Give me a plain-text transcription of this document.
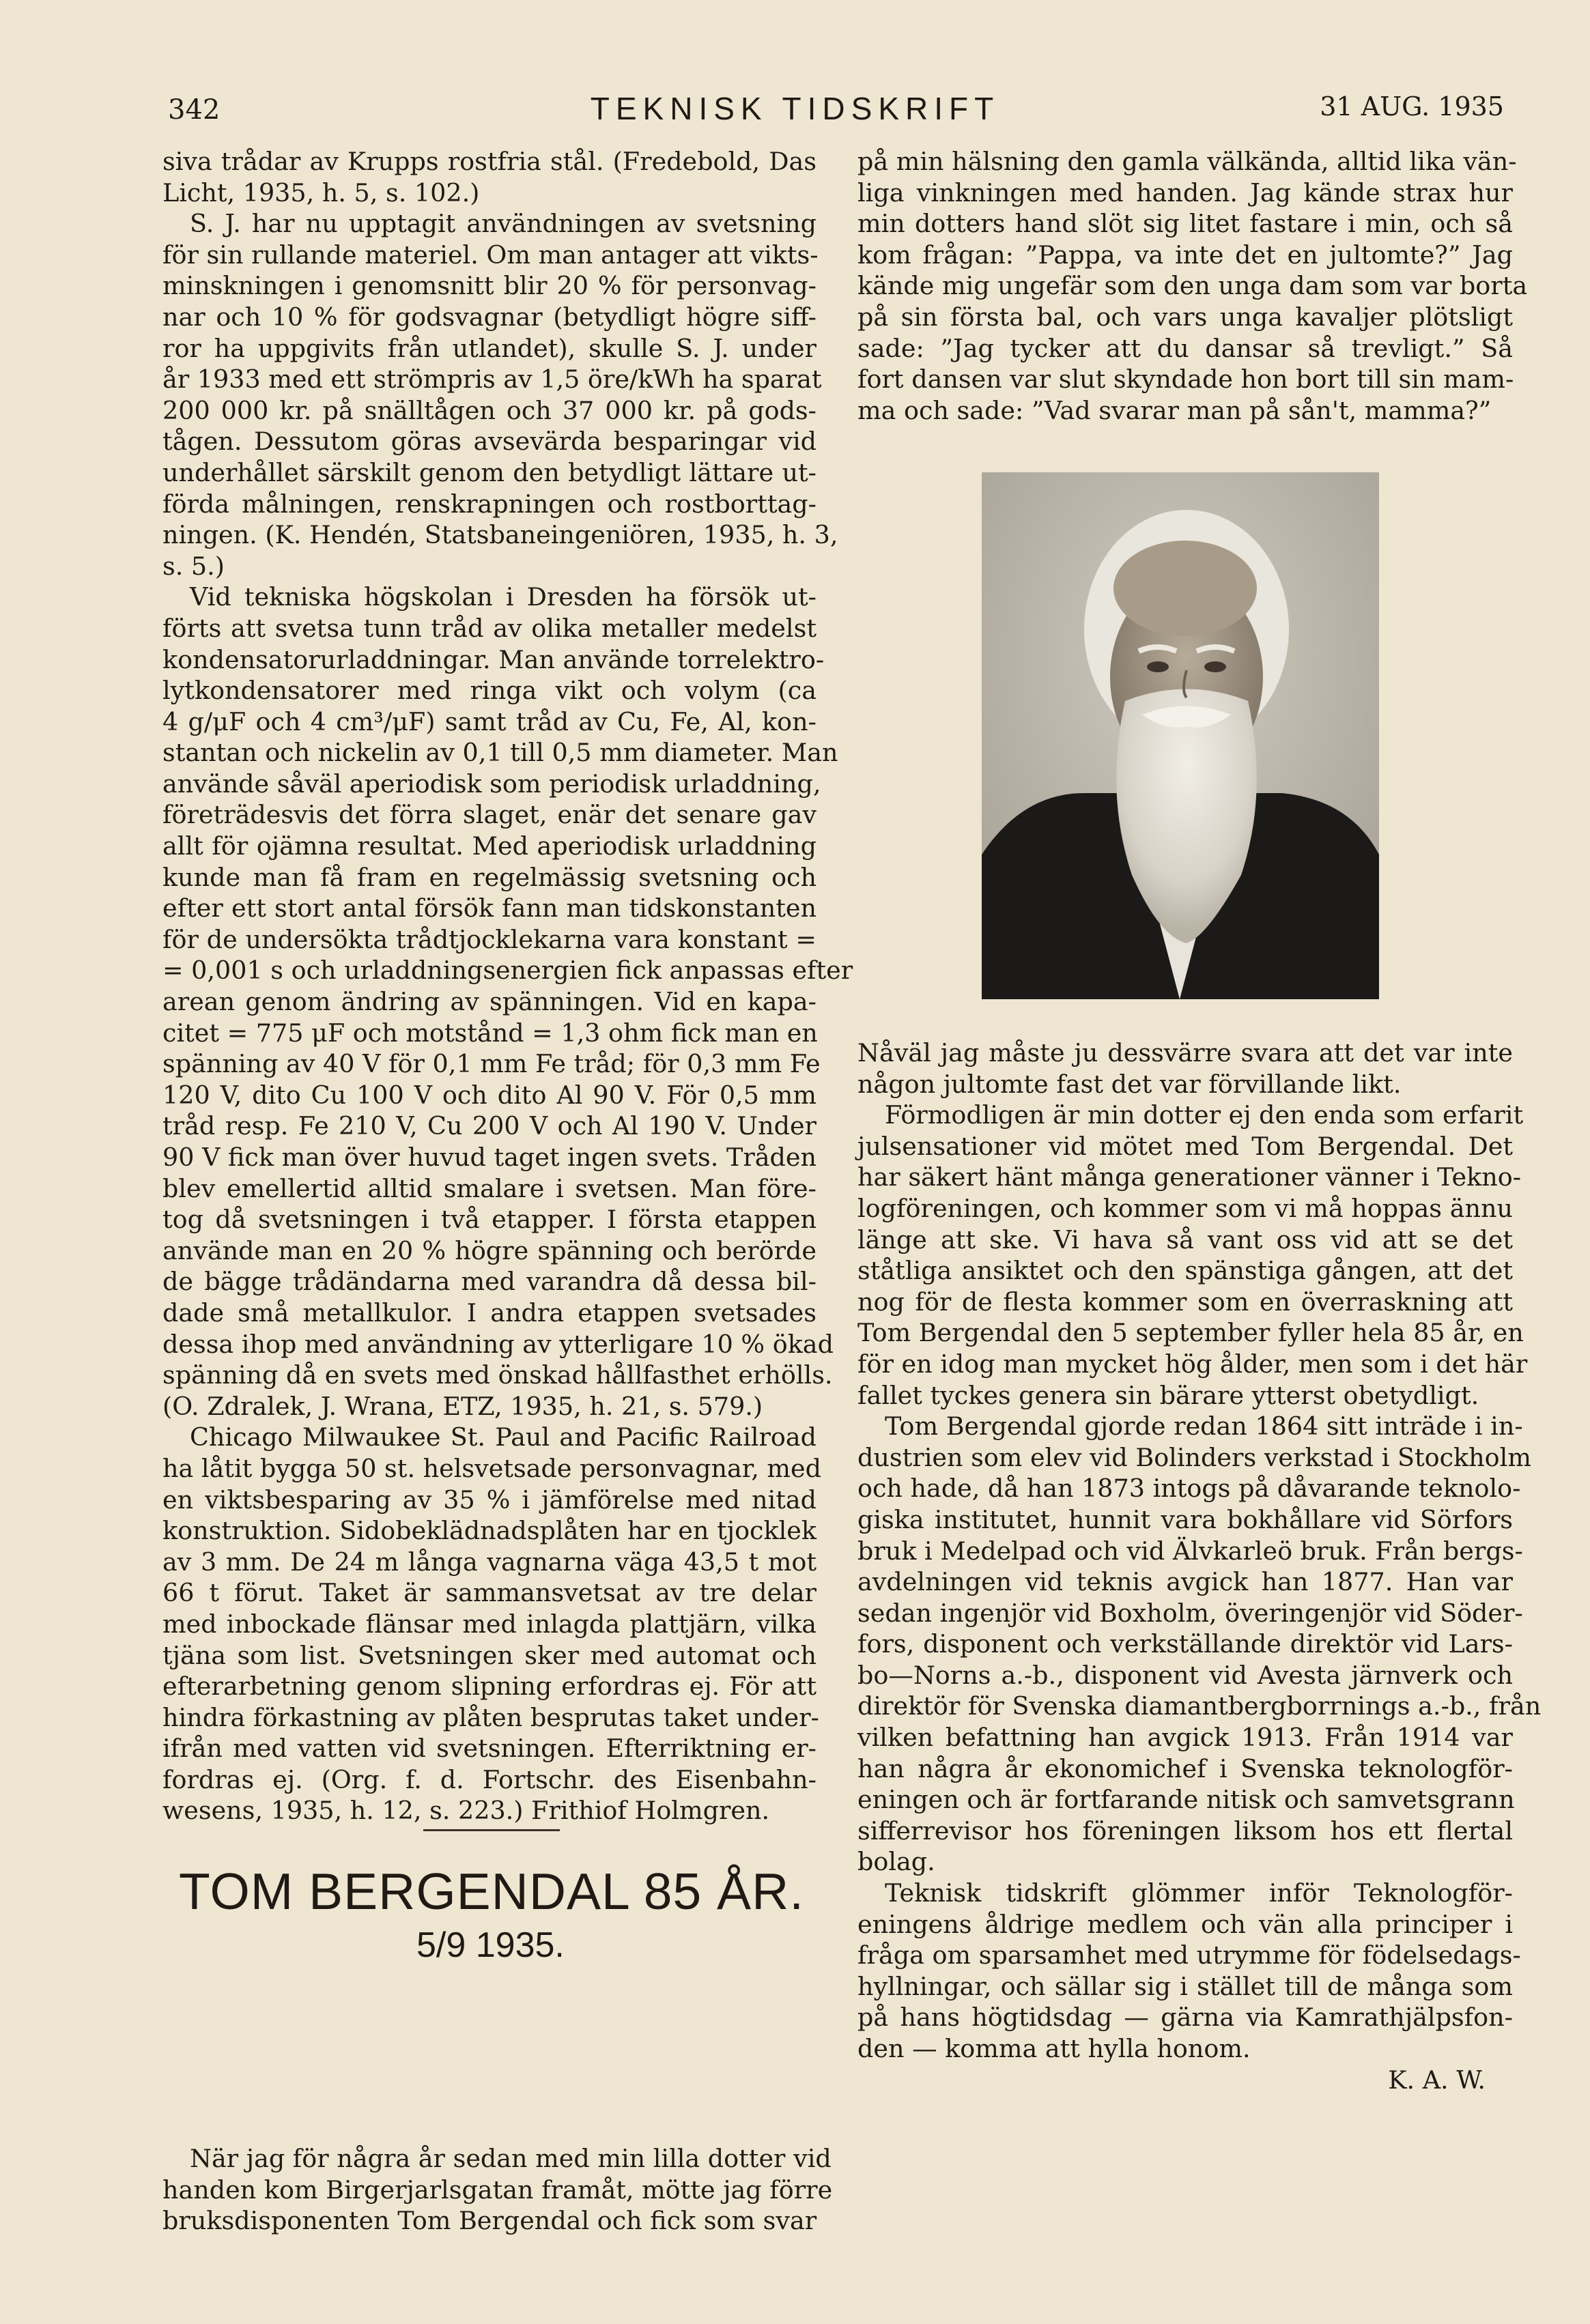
342	TEKNISK TIDSKRIFT	31 AUG. 1935
siva trådar av Krupps rostfria stål. (Fredebold, Das
Licht, 1935, h. 5, s. 102.)
S. J. har nu upptagit användningen av svetsning
för sin rullande materiel. Om man antager att vikts-
minskningen i genomsnitt blir 20 % för personvag-
nar och 10 % för godsvagnar (betydligt högre siff-
ror ha uppgivits från utlandet), skulle S. J. under
år 1933 med ett strömpris av 1,5 öre/kWh ha sparat
200 000 kr. på snälltågen och 37 000 kr. på gods-
tågen. Dessutom göras avsevärda besparingar vid
underhållet särskilt genom den betydligt lättare ut-
förda målningen, renskrapningen och rostborttag-
ningen. (K. Hendén, Statsbaneingeniören, 1935, h. 3,
s. 5.)
Vid tekniska högskolan i Dresden ha försök ut-
förts att svetsa tunn tråd av olika metaller medelst
kondensatorurladdningar. Man använde torrelektro-
lytkondensatorer med ringa vikt och volym (ca
4 g/μF och 4 cm³/μF) samt tråd av Cu, Fe, Al, kon-
stantan och nickelin av 0,1 till 0,5 mm diameter. Man
använde såväl aperiodisk som periodisk urladdning,
företrädesvis det förra slaget, enär det senare gav
allt för ojämna resultat. Med aperiodisk urladdning
kunde man få fram en regelmässig svetsning och
efter ett stort antal försök fann man tidskonstanten
för de undersökta trådtjocklekarna vara konstant =
= 0,001 s och urladdningsenergien fick anpassas efter
arean genom ändring av spänningen. Vid en kapa-
citet = 775 μF och motstånd = 1,3 ohm fick man en
spänning av 40 V för 0,1 mm Fe tråd; för 0,3 mm Fe
120 V, dito Cu 100 V och dito Al 90 V. För 0,5 mm
tråd resp. Fe 210 V, Cu 200 V och Al 190 V. Under
90 V fick man över huvud taget ingen svets. Tråden
blev emellertid alltid smalare i svetsen. Man före-
tog då svetsningen i två etapper. I första etappen
använde man en 20 % högre spänning och berörde
de bägge trådändarna med varandra då dessa bil-
dade små metallkulor. I andra etappen svetsades
dessa ihop med användning av ytterligare 10 % ökad
spänning då en svets med önskad hållfasthet erhölls.
(O. Zdralek, J. Wrana, ETZ, 1935, h. 21, s. 579.)
Chicago Milwaukee St. Paul and Pacific Railroad
ha låtit bygga 50 st. helsvetsade personvagnar, med
en viktsbesparing av 35 % i jämförelse med nitad
konstruktion. Sidobeklädnadsplåten har en tjocklek
av 3 mm. De 24 m långa vagnarna väga 43,5 t mot
66 t förut. Taket är sammansvetsat av tre delar
med inbockade flänsar med inlagda plattjärn, vilka
tjäna som list. Svetsningen sker med automat och
efterarbetning genom slipning erfordras ej. För att
hindra förkastning av plåten besprutas taket under-
ifrån med vatten vid svetsningen. Efterriktning er-
fordras ej. (Org. f. d. Fortschr. des Eisenbahn-
wesens, 1935, h. 12, s. 223.) Frithiof Holmgren.
TOM BERGENDAL 85 ÅR.
5/9 1935.
När jag för några år sedan med min lilla dotter vid
handen kom Birgerjarlsgatan framåt, mötte jag förre
bruksdisponenten Tom Bergendal och fick som svar
på min hälsning den gamla välkända, alltid lika vän-
liga vinkningen med handen. Jag kände strax hur
min dotters hand slöt sig litet fastare i min, och så
kom frågan: ”Pappa, va inte det en jultomte?” Jag
kände mig ungefär som den unga dam som var borta
på sin första bal, och vars unga kavaljer plötsligt
sade: ”Jag tycker att du dansar så trevligt.” Så
fort dansen var slut skyndade hon bort till sin mam-
ma och sade: ”Vad svarar man på sån't, mamma?”
Nåväl jag måste ju dessvärre svara att det var inte
någon jultomte fast det var förvillande likt.
Förmodligen är min dotter ej den enda som erfarit
julsensationer vid mötet med Tom Bergendal. Det
har säkert hänt många generationer vänner i Tekno-
logföreningen, och kommer som vi må hoppas ännu
länge att ske. Vi hava så vant oss vid att se det
ståtliga ansiktet och den spänstiga gången, att det
nog för de flesta kommer som en överraskning att
Tom Bergendal den 5 september fyller hela 85 år, en
för en idog man mycket hög ålder, men som i det här
fallet tyckes genera sin bärare ytterst obetydligt.
Tom Bergendal gjorde redan 1864 sitt inträde i in-
dustrien som elev vid Bolinders verkstad i Stockholm
och hade, då han 1873 intogs på dåvarande teknolo-
giska institutet, hunnit vara bokhållare vid Sörfors
bruk i Medelpad och vid Älvkarleö bruk. Från bergs-
avdelningen vid teknis avgick han 1877. Han var
sedan ingenjör vid Boxholm, överingenjör vid Söder-
fors, disponent och verkställande direktör vid Lars-
bo—Norns a.-b., disponent vid Avesta järnverk och
direktör för Svenska diamantbergborrnings a.-b., från
vilken befattning han avgick 1913. Från 1914 var
han några år ekonomichef i Svenska teknologför-
eningen och är fortfarande nitisk och samvetsgrann
sifferrevisor hos föreningen liksom hos ett flertal
bolag.
Teknisk tidskrift glömmer inför Teknologför-
eningens åldrige medlem och vän alla principer i
fråga om sparsamhet med utrymme för födelsedags-
hyllningar, och sällar sig i stället till de många som
på hans högtidsdag — gärna via Kamrathjälpsfon-
den — komma att hylla honom.
K. A. W.
